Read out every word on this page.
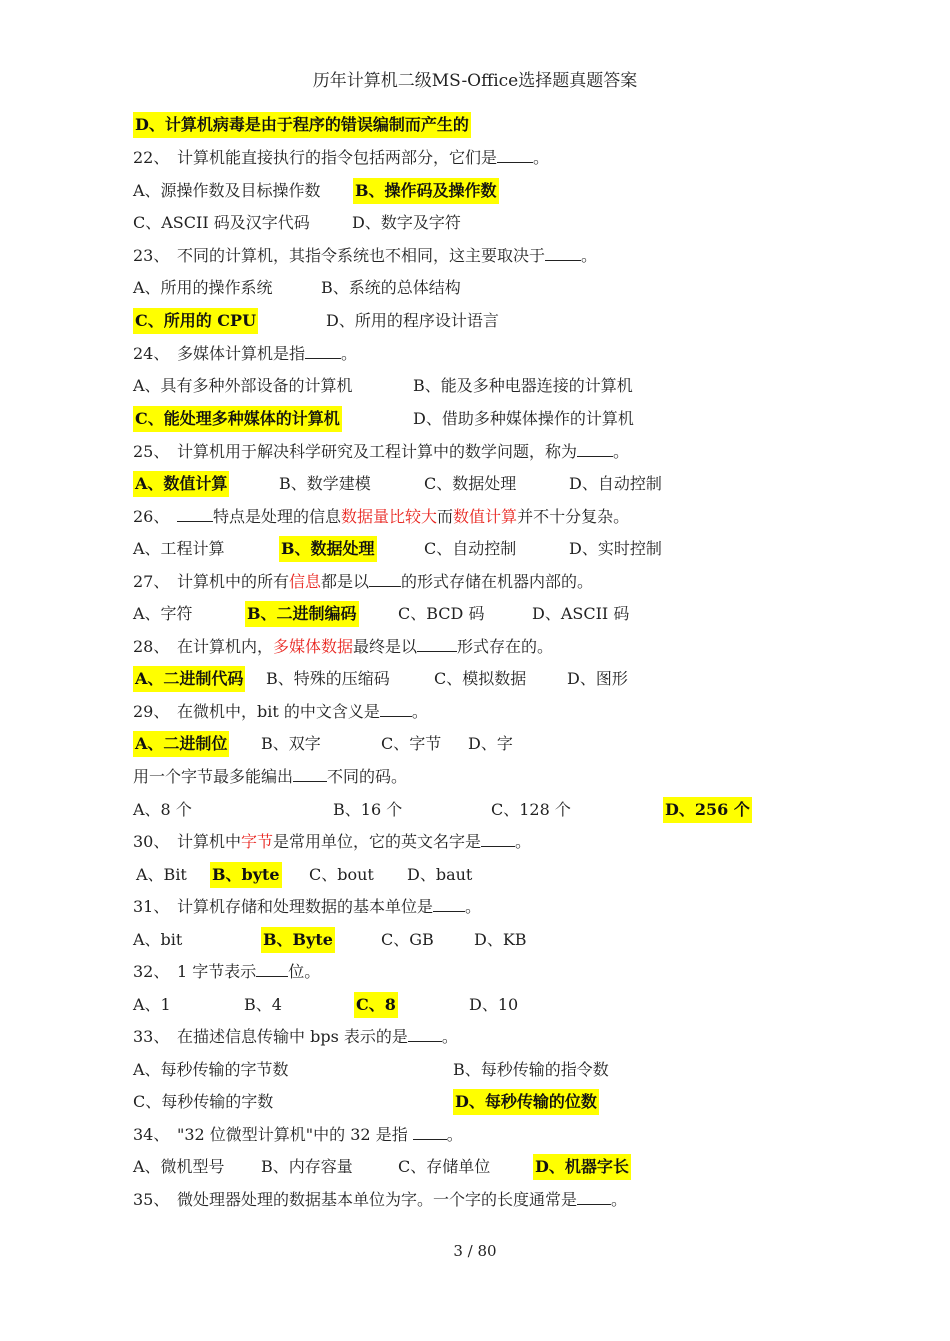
历年计算机二级MS-Office选择题真题答案
D、计算机病毒是由于程序的错误编制而产生的
22、 计算机能直接执行的指令包括两部分，它们是 。
A、源操作数及目标操作数 B、操作码及操作数
C、ASCII 码及汉字代码	D、数字及字符
23、 不同的计算机，其指令系统也不相同，这主要取决于 。
A、所用的操作系统	B、系统的总体结构
C、所用的 CPU	D、所用的程序设计语言
24、 多媒体计算机是指 。
A、具有多种外部设备的计算机	B、能及多种电器连接的计算机
C、能处理多种媒体的计算机	D、借助多种媒体操作的计算机
25、 计算机用于解决科学研究及工程计算中的数学问题，称为 。
A、数值计算	B、数学建模	C、数据处理	D、自动控制
26、	特点是处理的信息数据量比较大而数值计算并不十分复杂。
A、工程计算	B、数据处理	C、自动控制	D、实时控制
27、 计算机中的所有信息都是以 的形式存储在机器内部的。
A、字符	B、二进制编码	C、BCD 码	D、ASCII 码
28、 在计算机内，多媒体数据最终是以	形式存在的。
A、二进制代码 B、特殊的压缩码	C、模拟数据	D、图形
29、 在微机中，bit 的中文含义是 。
A、二进制位 B、双字	C、字节 D、字
用一个字节最多能编出 不同的码。
A、8 个	B、16 个	C、128 个	D、256 个
30、 计算机中字节是常用单位，它的英文名字是 。
A、Bit B、byte C、bout D、baut
31、 计算机存储和处理数据的基本单位是 。
A、bit	B、Byte	C、GB	D、KB
32、 1 字节表示 位。
A、1	B、4	C、8	D、10
33、 在描述信息传输中 bps 表示的是 。
A、每秒传输的字节数	B、每秒传输的指令数
C、每秒传输的字数	D、每秒传输的位数
34、 "32 位微型计算机"中的 32 是指 。
A、微机型号 B、内存容量	C、存储单位	D、机器字长
35、 微处理器处理的数据基本单位为字。一个字的长度通常是 。
3 / 80
